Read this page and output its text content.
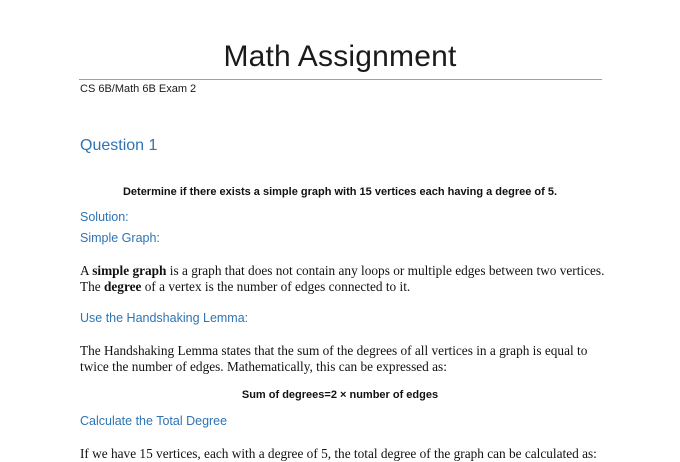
Math Assignment
CS 6B/Math 6B Exam 2
Question 1
Determine if there exists a simple graph with 15 vertices each having a degree of 5.
Solution:
Simple Graph:
A simple graph is a graph that does not contain any loops or multiple edges between two vertices. The degree of a vertex is the number of edges connected to it.
Use the Handshaking Lemma:
The Handshaking Lemma states that the sum of the degrees of all vertices in a graph is equal to twice the number of edges. Mathematically, this can be expressed as:
Sum of degrees=2 × number of edges
Calculate the Total Degree
If we have 15 vertices, each with a degree of 5, the total degree of the graph can be calculated as:
